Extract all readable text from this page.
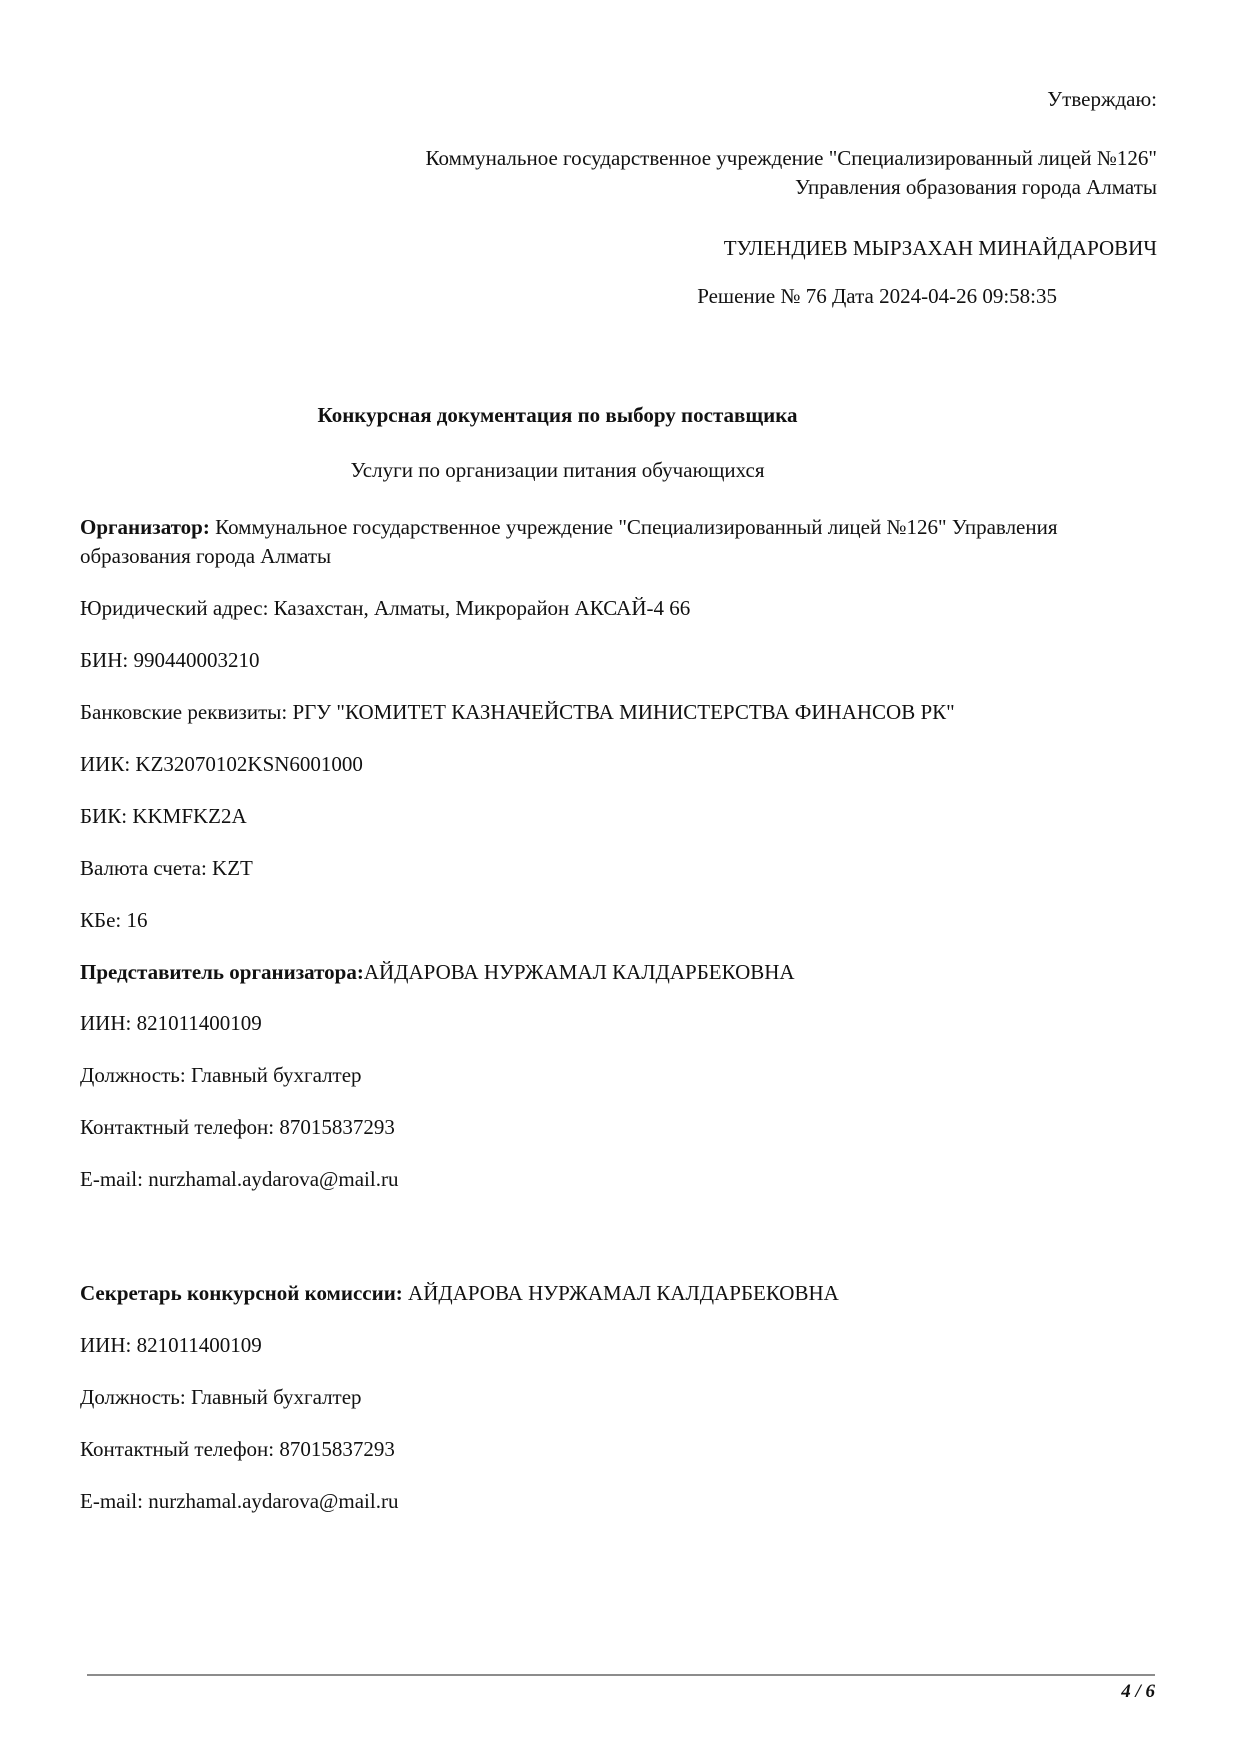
Утверждаю:

Коммунальное государственное учреждение "Специализированный лицей №126" Управления образования города Алматы

ТУЛЕНДИЕВ МЫРЗАХАН МИНАЙДАРОВИЧ

Решение № 76 Дата 2024-04-26 09:58:35

Конкурсная документация по выбору поставщика

Услуги по организации питания обучающихся

Организатор: Коммунальное государственное учреждение "Специализированный лицей №126" Управления образования города Алматы

Юридический адрес: Казахстан, Алматы, Микрорайон АКСАЙ-4 66

БИН: 990440003210

Банковские реквизиты: РГУ "КОМИТЕТ КАЗНАЧЕЙСТВА МИНИСТЕРСТВА ФИНАНСОВ РК"

ИИК: KZ32070102KSN6001000

БИК: KKMFKZ2A

Валюта счета: KZT

КБе: 16

Представитель организатора:АЙДАРОВА НУРЖАМАЛ КАЛДАРБЕКОВНА

ИИН: 821011400109

Должность: Главный бухгалтер

Контактный телефон: 87015837293

E-mail: nurzhamal.aydarova@mail.ru

Секретарь конкурсной комиссии: АЙДАРОВА НУРЖАМАЛ КАЛДАРБЕКОВНА

ИИН: 821011400109

Должность: Главный бухгалтер

Контактный телефон: 87015837293

E-mail: nurzhamal.aydarova@mail.ru

4 / 6
